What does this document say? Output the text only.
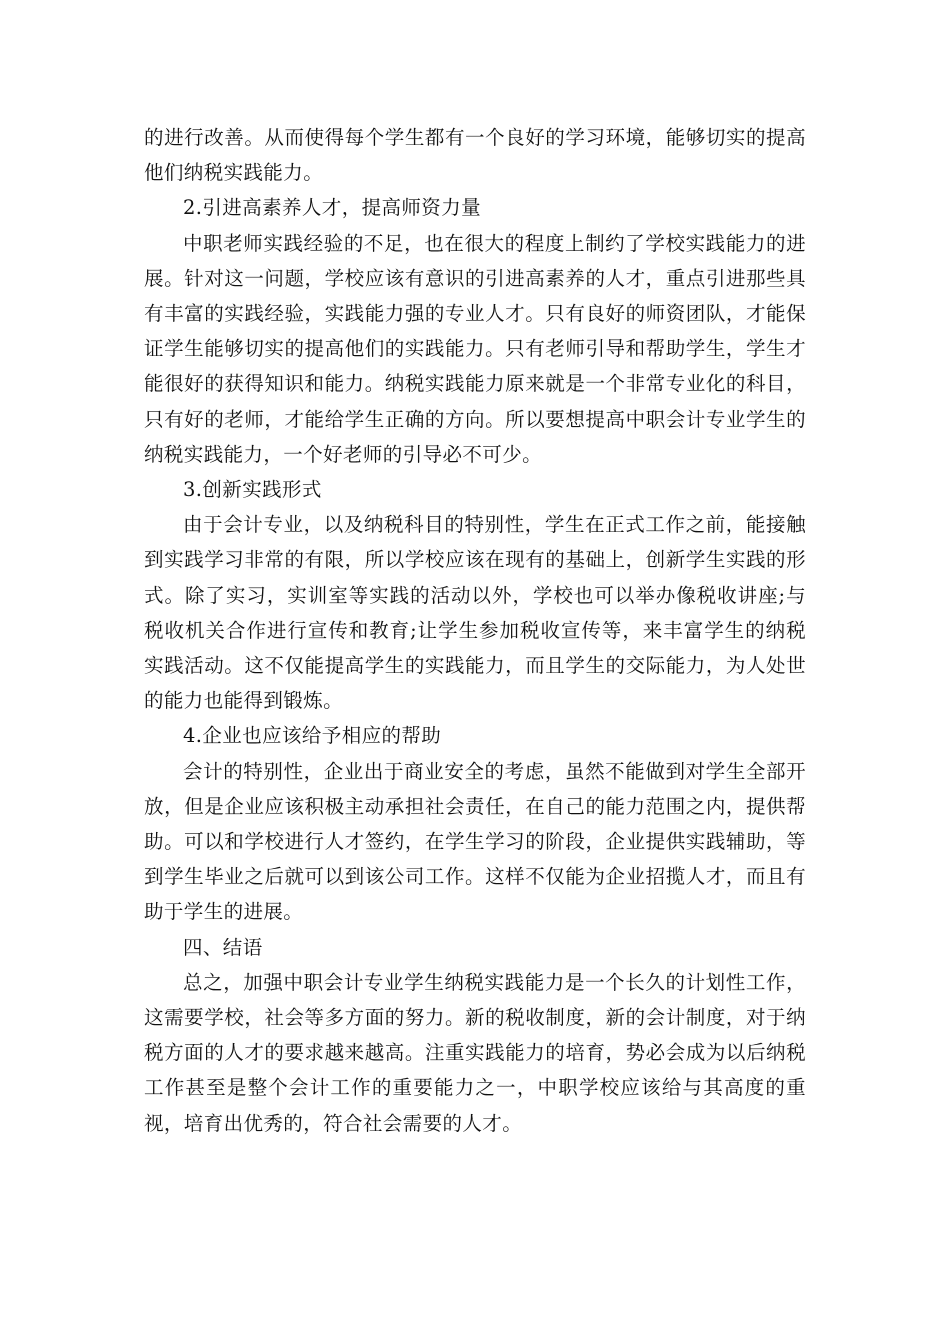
的进行改善。从而使得每个学生都有一个良好的学习环境，能够切实的提高他们纳税实践能力。

2.引进高素养人才，提高师资力量

中职老师实践经验的不足，也在很大的程度上制约了学校实践能力的进展。针对这一问题，学校应该有意识的引进高素养的人才，重点引进那些具有丰富的实践经验，实践能力强的专业人才。只有良好的师资团队，才能保证学生能够切实的提高他们的实践能力。只有老师引导和帮助学生，学生才能很好的获得知识和能力。纳税实践能力原来就是一个非常专业化的科目，只有好的老师，才能给学生正确的方向。所以要想提高中职会计专业学生的纳税实践能力，一个好老师的引导必不可少。

3.创新实践形式

由于会计专业，以及纳税科目的特别性，学生在正式工作之前，能接触到实践学习非常的有限，所以学校应该在现有的基础上，创新学生实践的形式。除了实习，实训室等实践的活动以外，学校也可以举办像税收讲座;与税收机关合作进行宣传和教育;让学生参加税收宣传等，来丰富学生的纳税实践活动。这不仅能提高学生的实践能力，而且学生的交际能力，为人处世的能力也能得到锻炼。

4.企业也应该给予相应的帮助

会计的特别性，企业出于商业安全的考虑，虽然不能做到对学生全部开放，但是企业应该积极主动承担社会责任，在自己的能力范围之内，提供帮助。可以和学校进行人才签约，在学生学习的阶段，企业提供实践辅助，等到学生毕业之后就可以到该公司工作。这样不仅能为企业招揽人才，而且有助于学生的进展。

四、结语

总之，加强中职会计专业学生纳税实践能力是一个长久的计划性工作，这需要学校，社会等多方面的努力。新的税收制度，新的会计制度，对于纳税方面的人才的要求越来越高。注重实践能力的培育，势必会成为以后纳税工作甚至是整个会计工作的重要能力之一，中职学校应该给与其高度的重视，培育出优秀的，符合社会需要的人才。
